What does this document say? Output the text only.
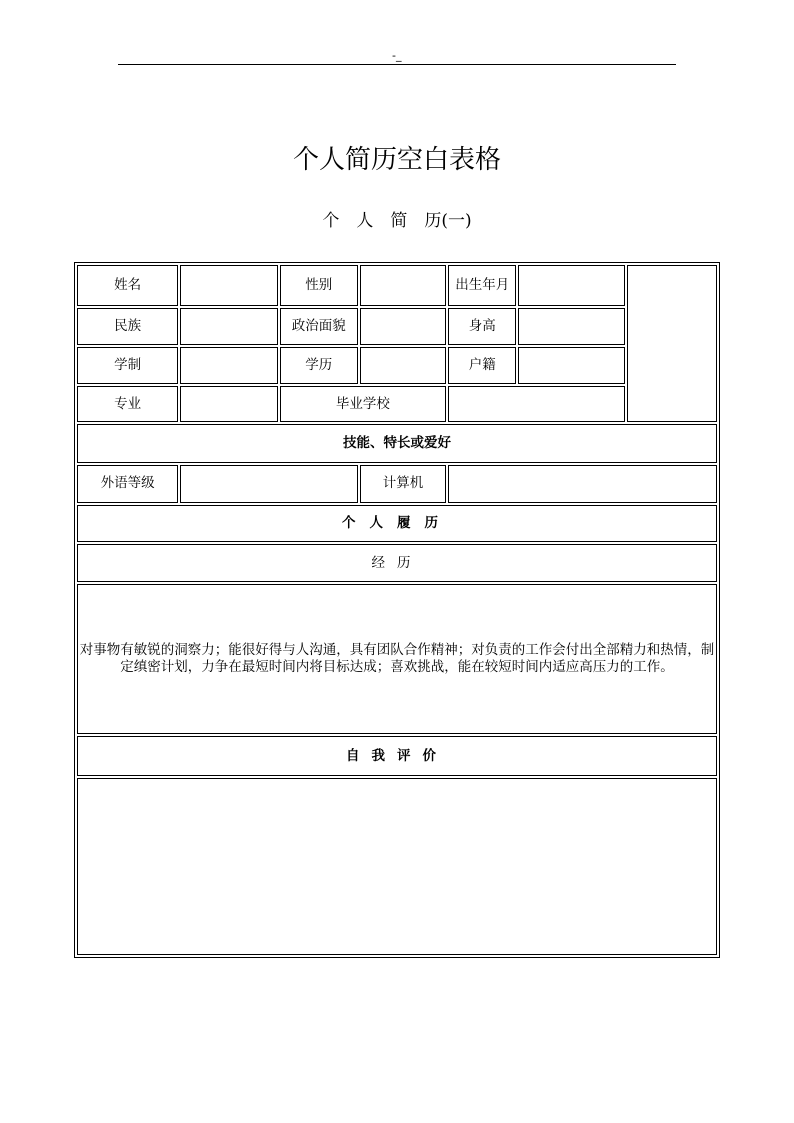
-_
个人简历空白表格
个　人　简　历(一)
姓名		性别		出生年月		
民族		政治面貌		身高		
学制		学历		户籍		
专业		毕业学校				
技能、特长或爱好						
外语等级			计算机			
个人履历						
经历						
对事物有敏锐的洞察力；能很好得与人沟通，具有团队合作精神；对负责的工作会付出全部精力和热情，制定缜密计划，力争在最短时间内将目标达成；喜欢挑战，能在较短时间内适应高压力的工作。						
自我评价						
